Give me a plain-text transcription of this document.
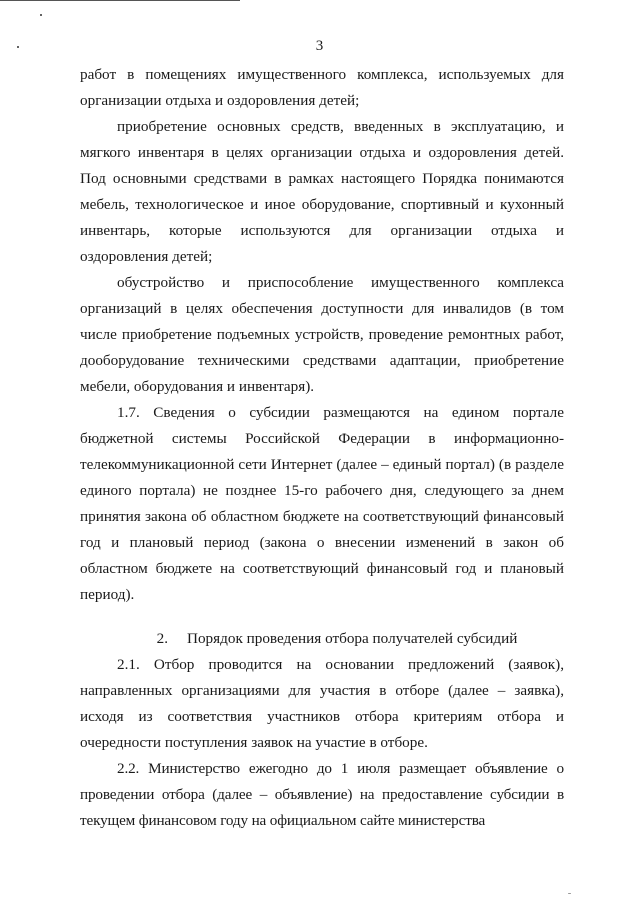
3

работ в помещениях имущественного комплекса, используемых для организации отдыха и оздоровления детей;

приобретение основных средств, введенных в эксплуатацию, и мягкого инвентаря в целях организации отдыха и оздоровления детей. Под основными средствами в рамках настоящего Порядка понимаются мебель, технологическое и иное оборудование, спортивный и кухонный инвентарь, которые используются для организации отдыха и оздоровления детей;

обустройство и приспособление имущественного комплекса организаций в целях обеспечения доступности для инвалидов (в том числе приобретение подъемных устройств, проведение ремонтных работ, дооборудование техническими средствами адаптации, приобретение мебели, оборудования и инвентаря).

1.7. Сведения о субсидии размещаются на едином портале бюджетной системы Российской Федерации в информационно-телекоммуникационной сети Интернет (далее – единый портал) (в разделе единого портала) не позднее 15-го рабочего дня, следующего за днем принятия закона об областном бюджете на соответствующий финансовый год и плановый период (закона о внесении изменений в закон об областном бюджете на соответствующий финансовый год и плановый период).

2. Порядок проведения отбора получателей субсидий

2.1. Отбор проводится на основании предложений (заявок), направленных организациями для участия в отборе (далее – заявка), исходя из соответствия участников отбора критериям отбора и очередности поступления заявок на участие в отборе.

2.2. Министерство ежегодно до 1 июля размещает объявление о проведении отбора (далее – объявление) на предоставление субсидии в текущем финансовом году на официальном сайте министерства
